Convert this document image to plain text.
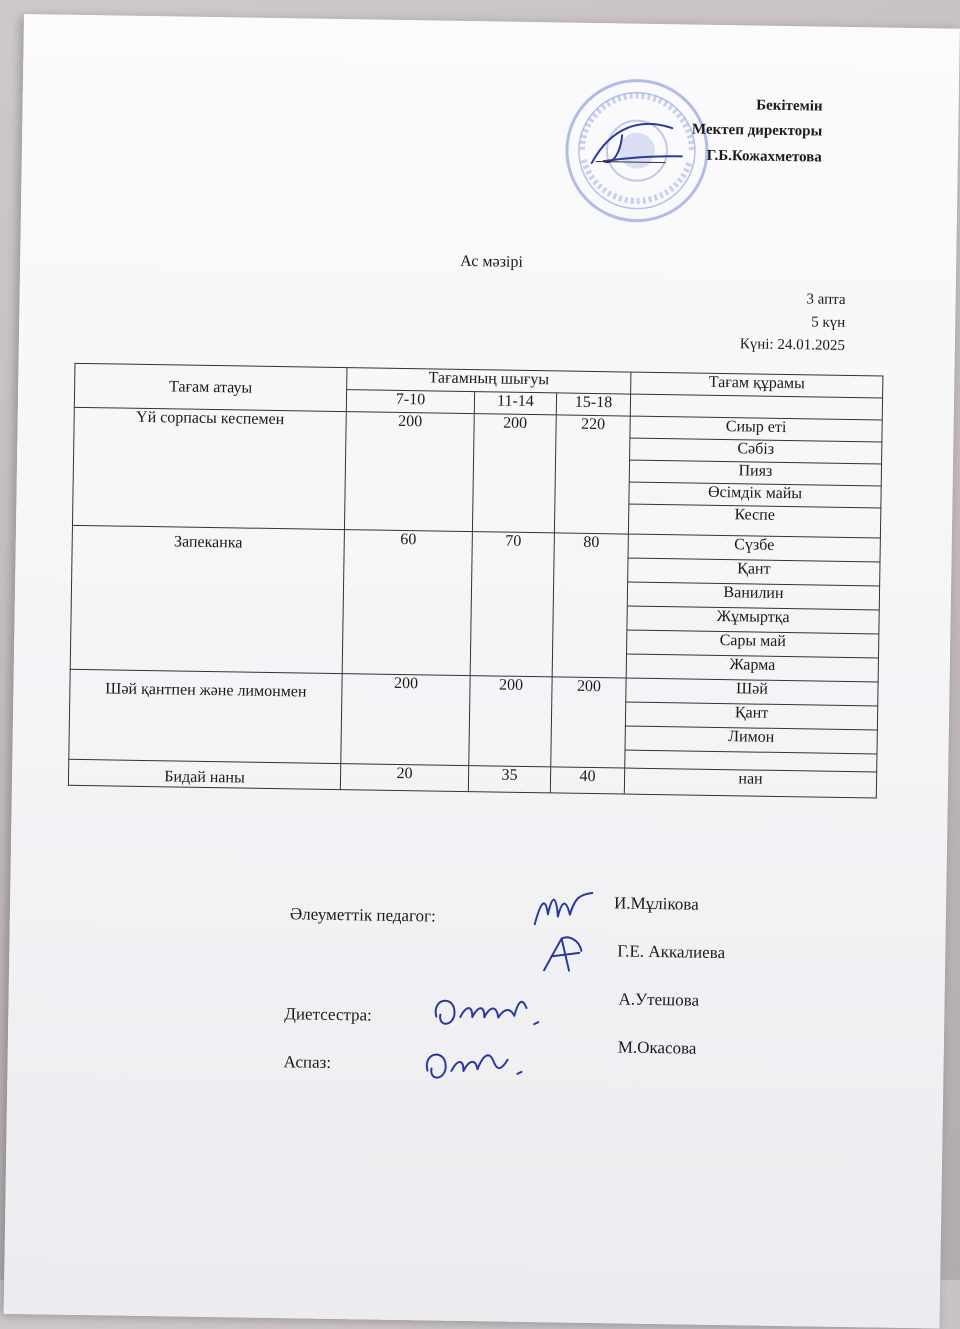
Бекітемін
Мектеп директоры
Г.Б.Кожахметова
Ас мәзірі
3 апта
5 күн
Күні: 24.01.2025
Тағам атауы	Тағамның шығуы			Тағам құрамы
	7-10	11-14	15-18	
Үй сорпасы кеспемен	200	200	220	Сиыр еті
				Сәбіз
				Пияз
				Өсімдік майы
				Кеспе
Запеканка	60	70	80	Сүзбе
				Қант
				Ванилин
				Жұмыртқа
				Сары май
				Жарма
Шәй қантпен және лимонмен	200	200	200	Шәй
				Қант
				Лимон

Бидай наны	20	35	40	нан
Әлеуметтік педагог:
И.Мұлікова
Г.Е. Аккалиева
Диетсестра:
А.Утешова
Аспаз:
М.Окасова
